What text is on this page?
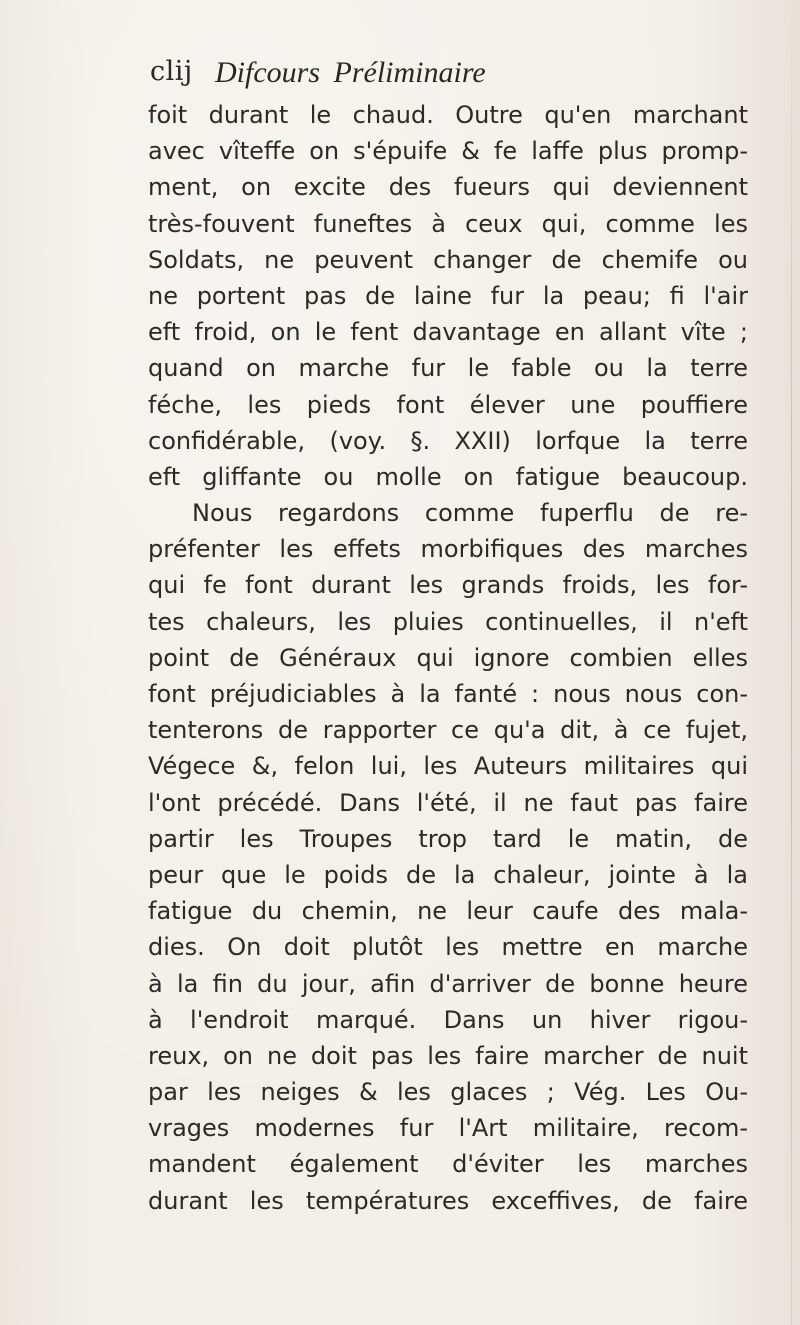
clij Difcours Préliminaire
foit durant le chaud. Outre qu'en marchant
avec vîteffe on s'épuife & fe laffe plus promp-
ment, on excite des fueurs qui deviennent
très-fouvent funeftes à ceux qui, comme les
Soldats, ne peuvent changer de chemife ou
ne portent pas de laine fur la peau; fi l'air
eft froid, on le fent davantage en allant vîte ;
quand on marche fur le fable ou la terre
féche, les pieds font élever une pouffiere
confidérable, (voy. §. XXII) lorfque la terre
eft gliffante ou molle on fatigue beaucoup.
Nous regardons comme fuperflu de re-
préfenter les effets morbifiques des marches
qui fe font durant les grands froids, les for-
tes chaleurs, les pluies continuelles, il n'eft
point de Généraux qui ignore combien elles
font préjudiciables à la fanté : nous nous con-
tenterons de rapporter ce qu'a dit, à ce fujet,
Végece &, felon lui, les Auteurs militaires qui
l'ont précédé. Dans l'été, il ne faut pas faire
partir les Troupes trop tard le matin, de
peur que le poids de la chaleur, jointe à la
fatigue du chemin, ne leur caufe des mala-
dies. On doit plutôt les mettre en marche
à la fin du jour, afin d'arriver de bonne heure
à l'endroit marqué. Dans un hiver rigou-
reux, on ne doit pas les faire marcher de nuit
par les neiges & les glaces ; Vég. Les Ou-
vrages modernes fur l'Art militaire, recom-
mandent également d'éviter les marches
durant les températures exceffives, de faire
